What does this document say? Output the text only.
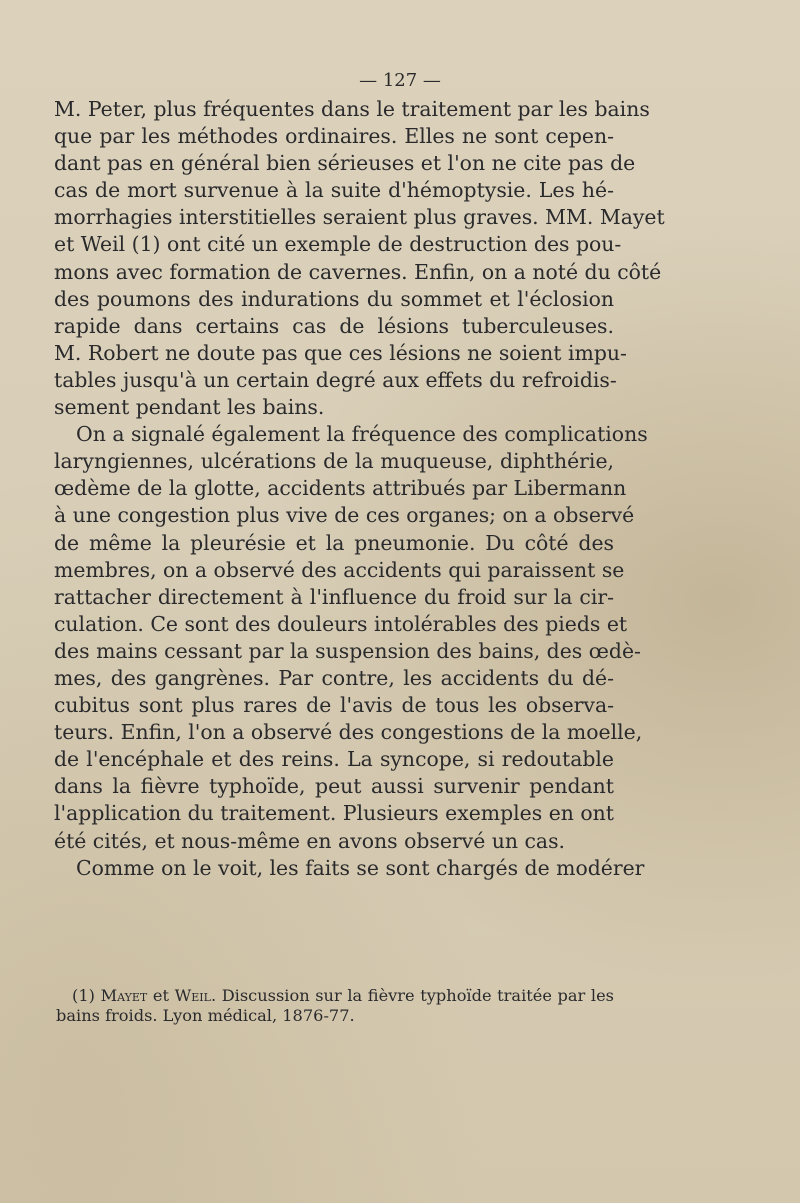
— 127 —
M. Peter, plus fréquentes dans le traitement par les bains
que par les méthodes ordinaires. Elles ne sont cepen-
dant pas en général bien sérieuses et l'on ne cite pas de
cas de mort survenue à la suite d'hémoptysie. Les hé-
morrhagies interstitielles seraient plus graves. MM. Mayet
et Weil (1) ont cité un exemple de destruction des pou-
mons avec formation de cavernes. Enfin, on a noté du côté
des poumons des indurations du sommet et l'éclosion
rapide dans certains cas de lésions tuberculeuses.
M. Robert ne doute pas que ces lésions ne soient impu-
tables jusqu'à un certain degré aux effets du refroidis-
sement pendant les bains.
On a signalé également la fréquence des complications
laryngiennes, ulcérations de la muqueuse, diphthérie,
œdème de la glotte, accidents attribués par Libermann
à une congestion plus vive de ces organes; on a observé
de même la pleurésie et la pneumonie. Du côté des
membres, on a observé des accidents qui paraissent se
rattacher directement à l'influence du froid sur la cir-
culation. Ce sont des douleurs intolérables des pieds et
des mains cessant par la suspension des bains, des œdè-
mes, des gangrènes. Par contre, les accidents du dé-
cubitus sont plus rares de l'avis de tous les observa-
teurs. Enfin, l'on a observé des congestions de la moelle,
de l'encéphale et des reins. La syncope, si redoutable
dans la fièvre typhoïde, peut aussi survenir pendant
l'application du traitement. Plusieurs exemples en ont
été cités, et nous-même en avons observé un cas.
Comme on le voit, les faits se sont chargés de modérer
(1) Mayet et Weil. Discussion sur la fièvre typhoïde traitée par les
bains froids. Lyon médical, 1876-77.
